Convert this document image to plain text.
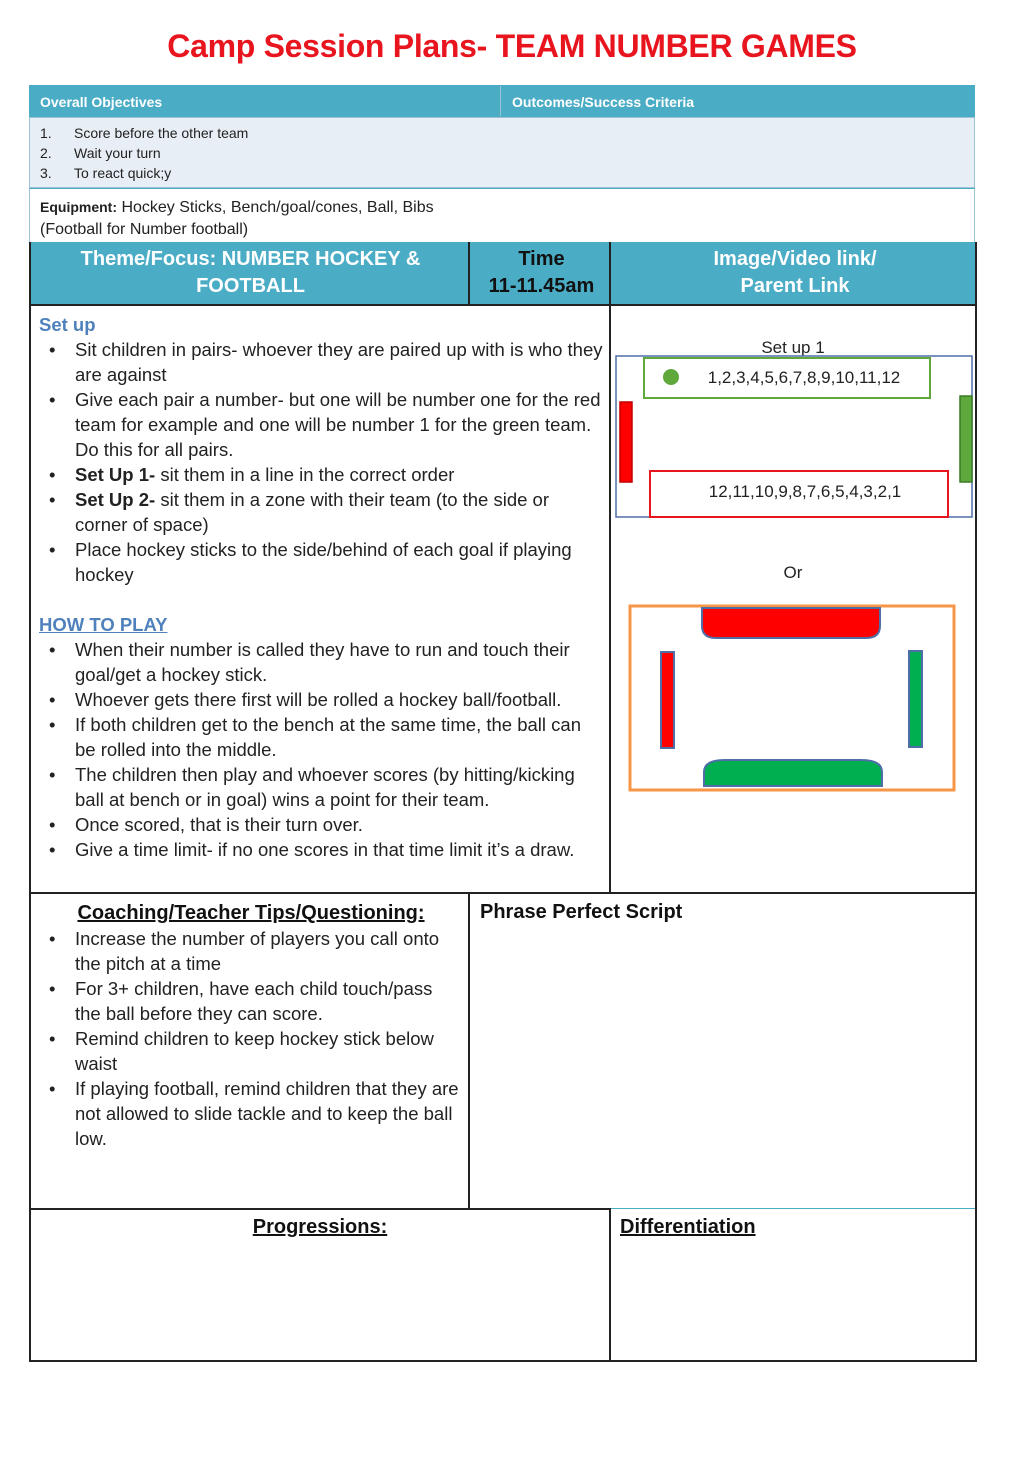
Camp Session Plans- TEAM NUMBER GAMES
Overall Objectives	Outcomes/Success Criteria
1. Score before the other team
2. Wait your turn
3. To react quick;y
Equipment: Hockey Sticks, Bench/goal/cones, Ball, Bibs
(Football for Number football)
Theme/Focus: NUMBER HOCKEY &
FOOTBALL
Time
11-11.45am
Image/Video link/
Parent Link
Set up
• Sit children in pairs- whoever they are paired up with is who they are against
• Give each pair a number- but one will be number one for the red team for example and one will be number 1 for the green team. Do this for all pairs.
• Set Up 1- sit them in a line in the correct order
• Set Up 2- sit them in a zone with their team (to the side or corner of space)
• Place hockey sticks to the side/behind of each goal if playing hockey
HOW TO PLAY
• When their number is called they have to run and touch their goal/get a hockey stick.
• Whoever gets there first will be rolled a hockey ball/football.
• If both children get to the bench at the same time, the ball can be rolled into the middle.
• The children then play and whoever scores (by hitting/kicking ball at bench or in goal) wins a point for their team.
• Once scored, that is their turn over.
• Give a time limit- if no one scores in that time limit it’s a draw.
Set up 1
Or
1,2,3,4,5,6,7,8,9,10,11,12
12,11,10,9,8,7,6,5,4,3,2,1
Coaching/Teacher Tips/Questioning:
• Increase the number of players you call onto the pitch at a time
• For 3+ children, have each child touch/pass the ball before they can score.
• Remind children to keep hockey stick below waist
• If playing football, remind children that they are not allowed to slide tackle and to keep the ball low.
Phrase Perfect Script
Progressions:	Differentiation
